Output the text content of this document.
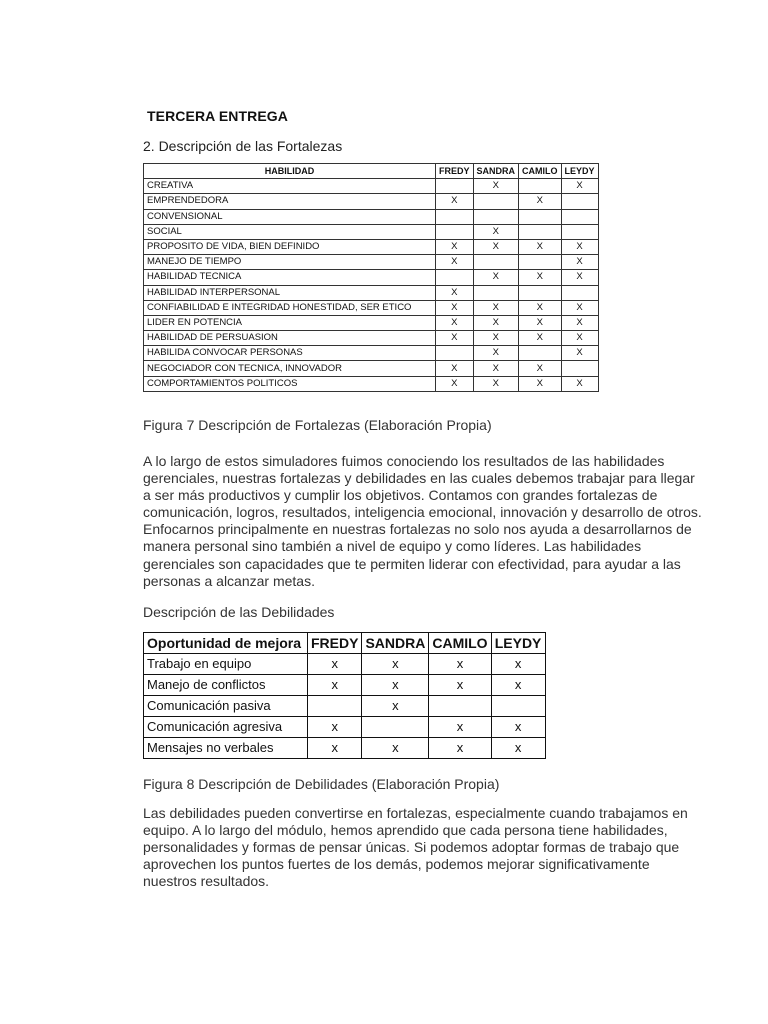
TERCERA ENTREGA
2. Descripción de las Fortalezas
HABILIDAD	FREDY	SANDRA	CAMILO	LEYDY
CREATIVA		X		X
EMPRENDEDORA	X		X	
CONVENSIONAL				
SOCIAL		X		
PROPOSITO DE VIDA, BIEN DEFINIDO	X	X	X	X
MANEJO DE TIEMPO	X			X
HABILIDAD TECNICA		X	X	X
HABILIDAD INTERPERSONAL	X			
CONFIABILIDAD E INTEGRIDAD HONESTIDAD, SER ETICO	X	X	X	X
LIDER EN POTENCIA	X	X	X	X
HABILIDAD DE PERSUASION	X	X	X	X
HABILIDA CONVOCAR PERSONAS		X		X
NEGOCIADOR CON TECNICA, INNOVADOR	X	X	X	
COMPORTAMIENTOS POLITICOS	X	X	X	X
Figura 7 Descripción de Fortalezas (Elaboración Propia)

A lo largo de estos simuladores fuimos conociendo los resultados de las habilidades gerenciales, nuestras fortalezas y debilidades en las cuales debemos trabajar para llegar a ser más productivos y cumplir los objetivos. Contamos con grandes fortalezas de comunicación, logros, resultados, inteligencia emocional, innovación y desarrollo de otros. Enfocarnos principalmente en nuestras fortalezas no solo nos ayuda a desarrollarnos de manera personal sino también a nivel de equipo y como líderes. Las habilidades gerenciales son capacidades que te permiten liderar con efectividad, para ayudar a las personas a alcanzar metas.

Descripción de las Debilidades
Oportunidad de mejora	FREDY	SANDRA	CAMILO	LEYDY
Trabajo en equipo	x	x	x	x
Manejo de conflictos	x	x	x	x
Comunicación pasiva		x		
Comunicación agresiva	x		x	x
Mensajes no verbales	x	x	x	x
Figura 8 Descripción de Debilidades (Elaboración Propia)

Las debilidades pueden convertirse en fortalezas, especialmente cuando trabajamos en equipo. A lo largo del módulo, hemos aprendido que cada persona tiene habilidades, personalidades y formas de pensar únicas. Si podemos adoptar formas de trabajo que aprovechen los puntos fuertes de los demás, podemos mejorar significativamente nuestros resultados.
